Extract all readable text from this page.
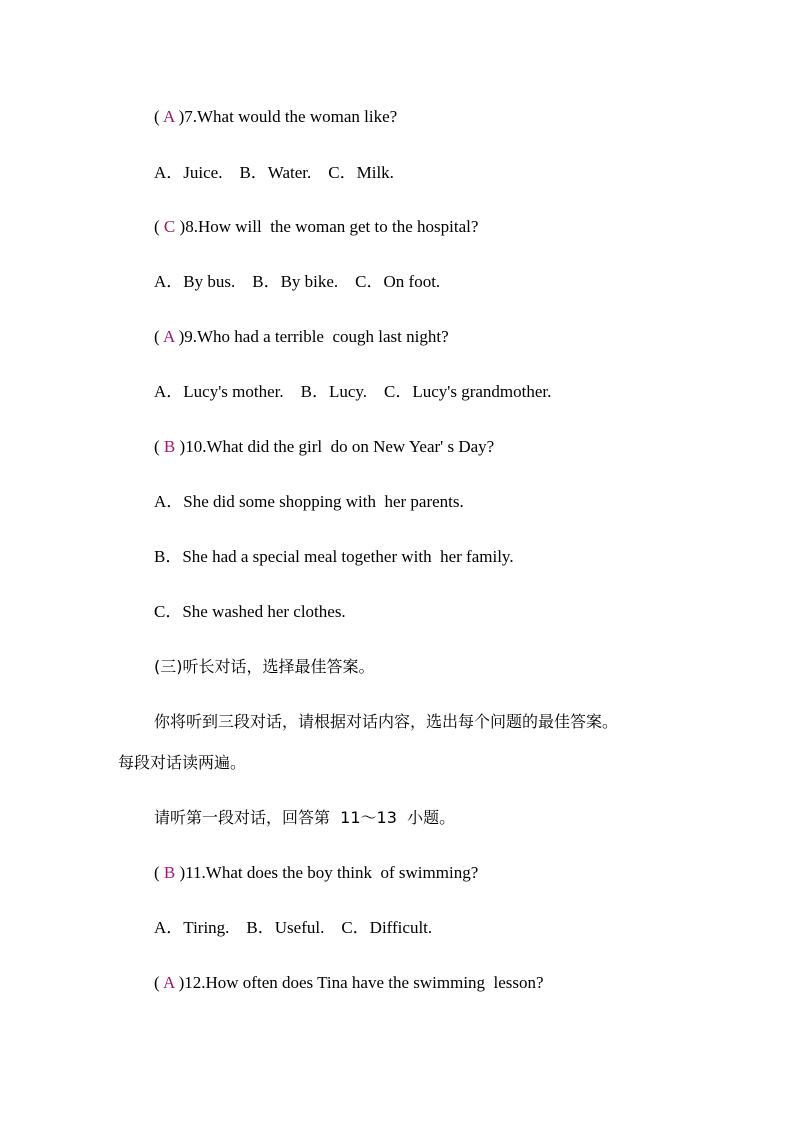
( A )7.What would the woman like?
A．Juice.    B．Water.    C．Milk.
( C )8.How will  the woman get to the hospital?
A．By bus.    B．By bike.    C．On foot.
( A )9.Who had a terrible  cough last night?
A．Lucy's mother.    B．Lucy.    C．Lucy's grandmother.
( B )10.What did the girl  do on New Year' s Day?
A．She did some shopping with  her parents.
B．She had a special meal together with  her family.
C．She washed her clothes.
(三)听长对话，选择最佳答案。
你将听到三段对话，请根据对话内容，选出每个问题的最佳答案。
每段对话读两遍。
请听第一段对话，回答第  11～13  小题。
( B )11.What does the boy think  of swimming?
A．Tiring.    B．Useful.    C．Difficult.
( A )12.How often does Tina have the swimming  lesson?
